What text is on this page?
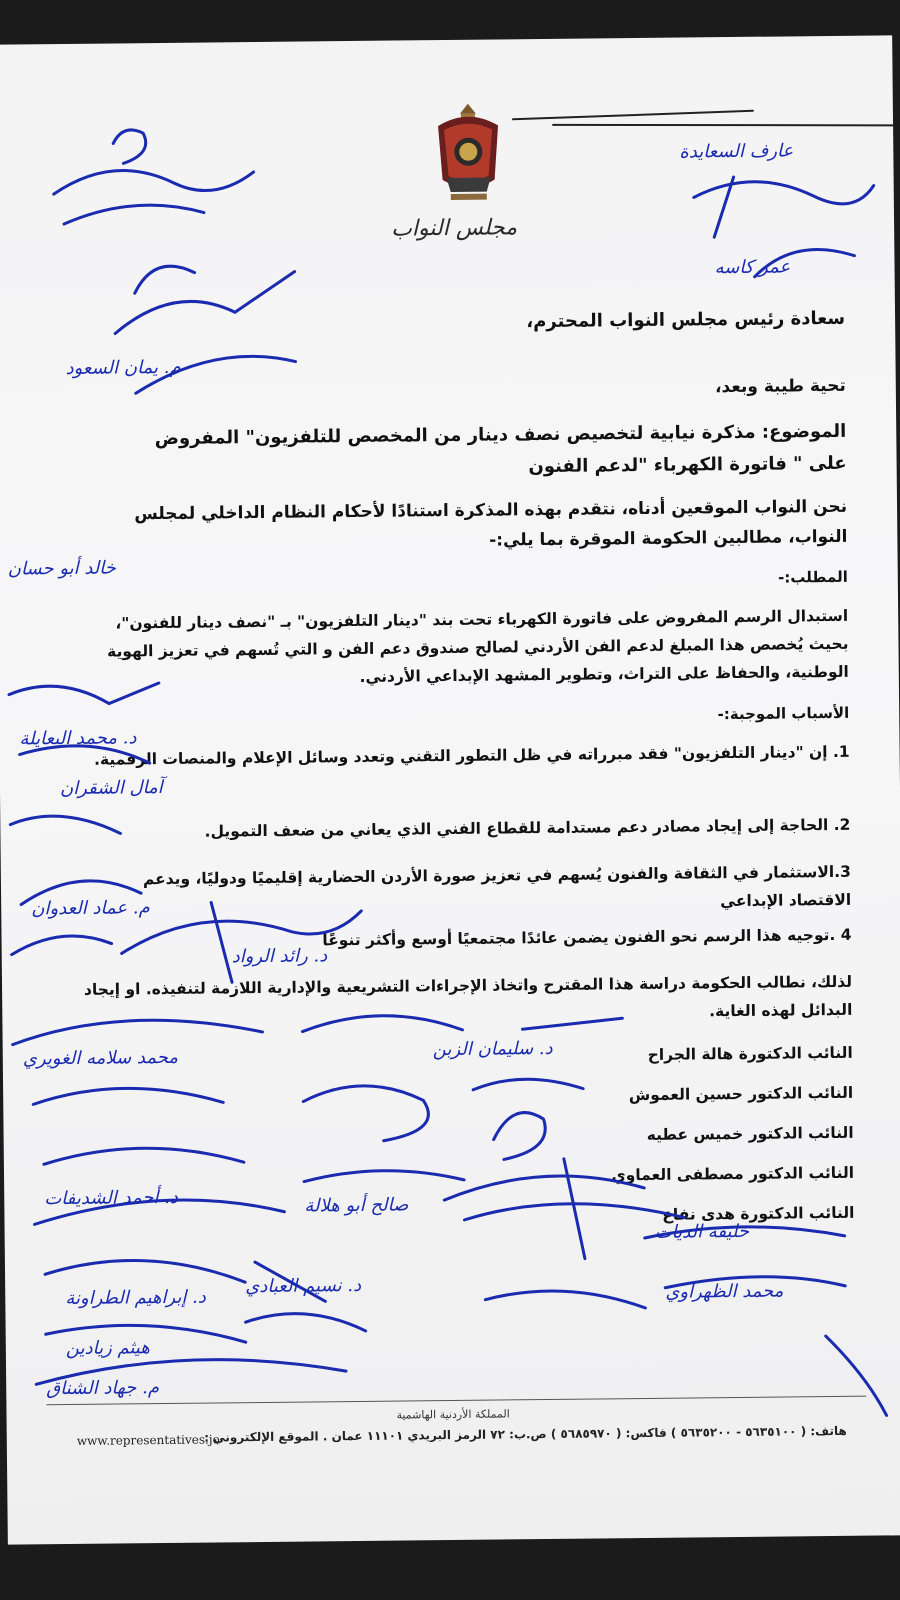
مجلس النواب
سعادة رئيس مجلس النواب المحترم،
تحية طيبة وبعد،
الموضوع: مذكرة نيابية لتخصيص نصف دينار من المخصص للتلفزيون" المفروض على " فاتورة الكهرباء "لدعم الفنون
نحن النواب الموقعين أدناه، نتقدم بهذه المذكرة استنادًا لأحكام النظام الداخلي لمجلس النواب، مطالبين الحكومة الموقرة بما يلي:-
المطلب:-
استبدال الرسم المفروض على فاتورة الكهرباء تحت بند "دينار التلفزيون" بـ "نصف دينار للفنون"، بحيث يُخصص هذا المبلغ لدعم الفن الأردني لصالح صندوق دعم الفن و التي تُسهم في تعزيز الهوية الوطنية، والحفاظ على التراث، وتطوير المشهد الإبداعي الأردني.
الأسباب الموجبة:-
1. إن "دينار التلفزيون" فقد مبرراته في ظل التطور التقني وتعدد وسائل الإعلام والمنصات الرقمية.
2. الحاجة إلى إيجاد مصادر دعم مستدامة للقطاع الفني الذي يعاني من ضعف التمويل.
3.الاستثمار في الثقافة والفنون يُسهم في تعزيز صورة الأردن الحضارية إقليميًا ودوليًا، ويدعم الاقتصاد الإبداعي
4 .توجيه هذا الرسم نحو الفنون يضمن عائدًا مجتمعيًا أوسع وأكثر تنوعًا
لذلك، نطالب الحكومة دراسة هذا المقترح واتخاذ الإجراءات التشريعية والإدارية اللازمة لتنفيذه. او إيجاد البدائل لهذه الغاية.
النائب الدكتورة هالة الجراح
النائب الدكتور حسين العموش
النائب الدكتور خميس عطيه
النائب الدكتور مصطفى العماوي
النائب الدكتورة هدى نفاع
المملكة الأردنية الهاشمية
هاتف: ( ٥٦٣٥١٠٠ - ٥٦٣٥٢٠٠ ) فاكس: ( ٥٦٨٥٩٧٠ ) ص.ب: ٧٢ الرمز البريدي ١١١٠١ عمان . الموقع الإلكتروني :
www.representatives.jo
عارف السعايدة
عمر كاسه
م. يمان السعود
خالد أبو حسان
د. محمد البعايلة
آمال الشقران
م. عماد العدوان
د. رائد الرواد
محمد سلامه الغويري	د. سليمان الزبن
صالح أبو هلالة
د. أحمد الشديفات
د. إبراهيم الطراونة
خليفة الديات
محمد الظهراوي
د. نسيم العبادي
هيثم زيادين
م. جهاد الشناق
